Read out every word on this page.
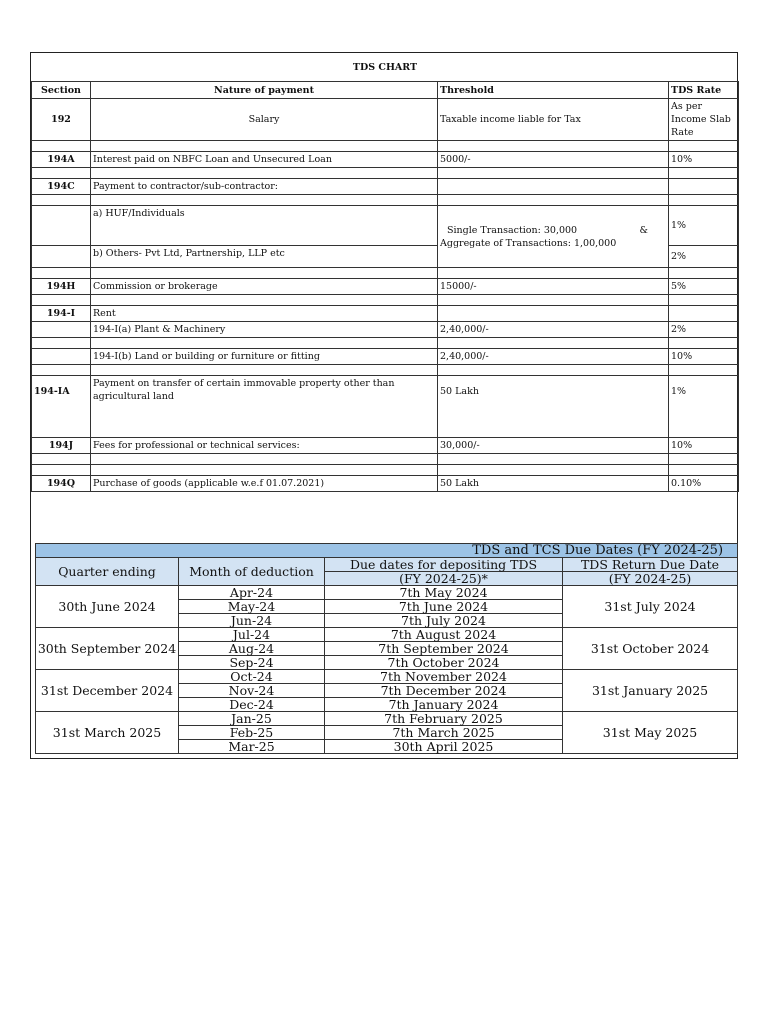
TDS CHART			
Section	Nature of payment	Threshold	TDS Rate
192	Salary	Taxable income liable for Tax	As per Income Slab Rate

194A	Interest paid on NBFC Loan and Unsecured Loan	5000/-	10%

194C	Payment to contractor/sub-contractor:		

	a) HUF/Individuals	Single Transaction: 30,000 &
Aggregate of Transactions: 1,00,000	1%
	b) Others- Pvt Ltd, Partnership, LLP etc		2%

194H	Commission or brokerage	15000/-	5%

194-I	Rent		
	194-I(a) Plant & Machinery	2,40,000/-	2%

	194-I(b) Land or building or furniture or fitting	2,40,000/-	10%

194-IA	Payment on transfer of certain immovable property other than agricultural land	50 Lakh	1%
194J	Fees for professional or technical services:	30,000/-	10%

194Q	Purchase of goods (applicable w.e.f 01.07.2021)	50 Lakh	0.10%
TDS and TCS Due Dates (FY 2024-25)			
Quarter ending	Month of deduction	Due dates for depositing TDS	TDS Return Due Date
		(FY 2024-25)*	(FY 2024-25)
30th June 2024	Apr-24	7th May 2024	31st July 2024
	May-24	7th June 2024	
	Jun-24	7th July 2024	
30th September 2024	Jul-24	7th August 2024	31st October 2024
	Aug-24	7th September 2024	
	Sep-24	7th October 2024	
31st December 2024	Oct-24	7th November 2024	31st January 2025
	Nov-24	7th December 2024	
	Dec-24	7th January 2024	
31st March 2025	Jan-25	7th February 2025	31st May 2025
	Feb-25	7th March 2025	
	Mar-25	30th April 2025	
